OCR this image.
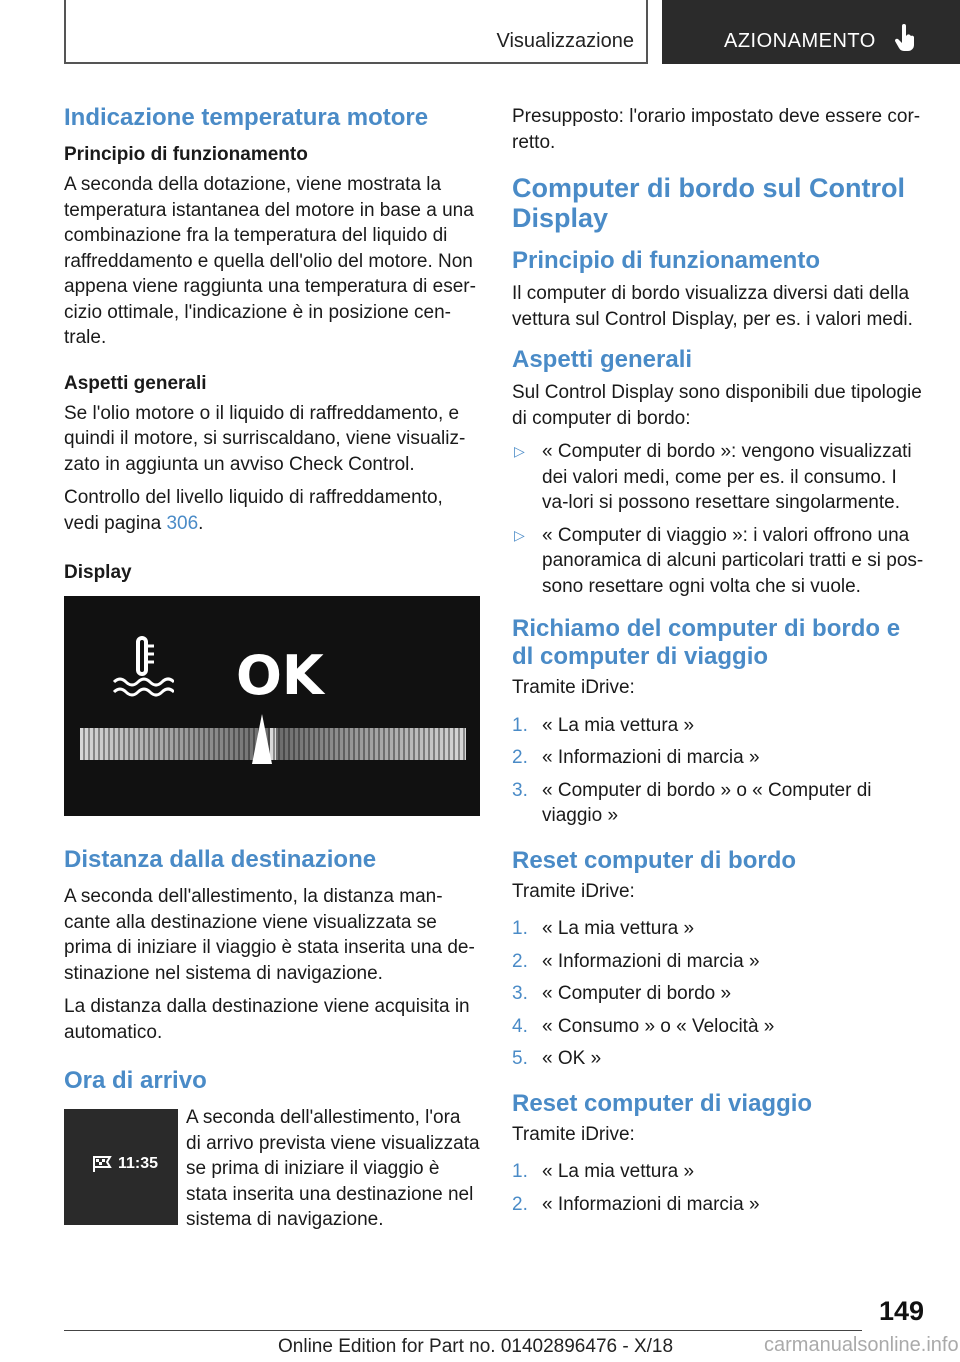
Visualizzazione	AZIONAMENTO
Indicazione temperatura motore
Principio di funzionamento

A seconda della dotazione, viene mostrata la temperatura istantanea del motore in base a una combinazione fra la temperatura del liquido di raffreddamento e quella dell'olio del motore. Non appena viene raggiunta una temperatura di eser-cizio ottimale, l'indicazione è in posizione cen-trale.

Aspetti generali

Se l'olio motore o il liquido di raffreddamento, e quindi il motore, si surriscaldano, viene visualiz-zato in aggiunta un avviso Check Control.

Controllo del livello liquido di raffreddamento, vedi pagina 306.

Display
OK
Distanza dalla destinazione

A seconda dell'allestimento, la distanza man-cante alla destinazione viene visualizzata se prima di iniziare il viaggio è stata inserita una de-stinazione nel sistema di navigazione.

La distanza dalla destinazione viene acquisita in automatico.

Ora di arrivo
11:35

A seconda dell'allestimento, l'ora di arrivo prevista viene visualizzata se prima di iniziare il viaggio è stata inserita una destinazione nel sistema di navigazione.

Presupposto: l'orario impostato deve essere cor-retto.

Computer di bordo sul Control Display
Principio di funzionamento

Il computer di bordo visualizza diversi dati della vettura sul Control Display, per es. i valori medi.

Aspetti generali

Sul Control Display sono disponibili due tipologie di computer di bordo:

▷ « Computer di bordo »: vengono visualizzati dei valori medi, come per es. il consumo. I va-lori si possono resettare singolarmente.
▷ « Computer di viaggio »: i valori offrono una panoramica di alcuni particolari tratti e si pos-sono resettare ogni volta che si vuole.
Richiamo del computer di bordo e dl computer di viaggio

Tramite iDrive:

1. « La mia vettura »
2. « Informazioni di marcia »
3. « Computer di bordo » o « Computer di viaggio »
Reset computer di bordo

Tramite iDrive:

1. « La mia vettura »
2. « Informazioni di marcia »
3. « Computer di bordo »
4. « Consumo » o « Velocità »
5. « OK »
Reset computer di viaggio

Tramite iDrive:

1. « La mia vettura »
2. « Informazioni di marcia »
149
Online Edition for Part no. 01402896476 - X/18	carmanualsonline.info
